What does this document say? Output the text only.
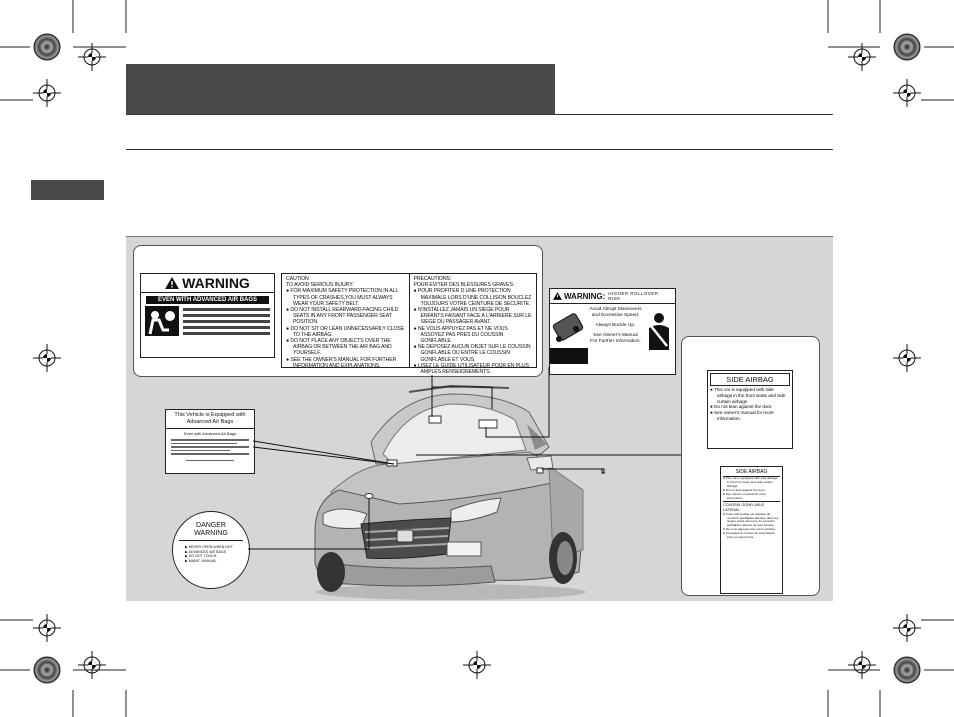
WARNING
EVEN WITH ADVANCED AIR BAGS
CAUTION
TO AVOID SERIOUS INJURY:
● FOR MAXIMUM SAFETY PROTECTION IN ALL TYPES OF CRASHES,YOU MUST ALWAYS WEAR YOUR SAFETY BELT.
● DO NOT INSTALL REARWARD-FACING CHILD SEATS IN ANY FRONT PASSENGER SEAT POSITION.
● DO NOT SIT OR LEAN UNNECESSARILY CLOSE TO THE AIRBAG.
● DO NOT PLACE ANY OBJECTS OVER THE AIRBAG OR BETWEEN THE AIR BAG AND YOURSELF.
● SEE THE OWNER'S MANUAL FOR FURTHER INFORMATION AND EXPLANATIONS.
PRECAUTIONS:
POUR EVITER DES BLESSURES GRAVES:
● POUR PROFITER D UNE PROTECTION MAXIMALE LORS D'UNE COLLISION BOUCLEZ TOUJOURS VOTRE CEINTURE DE SECURITE.
● N'INSTALLEZ JAMAIS UN SIEGE POUR ENFANTS FAISANT FACE A L'ARRIERE SUR LE SIEGE DU PASSAGER AVANT.
● NE VOUS APPUYEZ PAS ET NE VOUS ASSOYEZ PAS PRES DU COUSSIN GONFLABLE.
● NE DEPOSEZ AUCUN OBJET SUR LE COUSSIN GONFLABLE OU ENTRE LE COUSSIN GONFLABLE ET VOUS.
● LISEZ LE GUIDE UTILISATEUR POUR EN PLUS AMPLES RENSEIGNEMENTS.
WARNING: HIGHER ROLLOVER RISK
Avoid Abrupt Maneuvers
and Excessive Speed.
Always Buckle Up.
See Owner's Manual
For Further Information.
SIDE AIRBAG
● This car is equipped with side airbags in the front seats and side curtain airbags.
● Do not lean against the door.
● See owner's manual for more information.
SIDE AIRBAG
● This car is equipped with side airbags in the front seats and side curtain airbags.
● Do not lean against the door.
● See owner's manual for more information.
COUSSIN GONFLABLE
LATERAL
● Cette automobile est équipée de coussins gonflables latéraux dans les sièges avant ainsi que de coussins gonflables rideaux de type fenêtre.
● Ne vous appuyez pas sur la portière.
● Consultez le manuel du propriétaire pour en savoir plus.
This Vehicle is Equipped with
Advanced Air Bags
Even with Advanced Air Bags
DANGER
WARNING
▶ NEVER OPEN WHEN HOT.
▶ ADVANCED AIR BAGS
▶ DO NOT TOUCH
▶ MAINT. MANUAL
